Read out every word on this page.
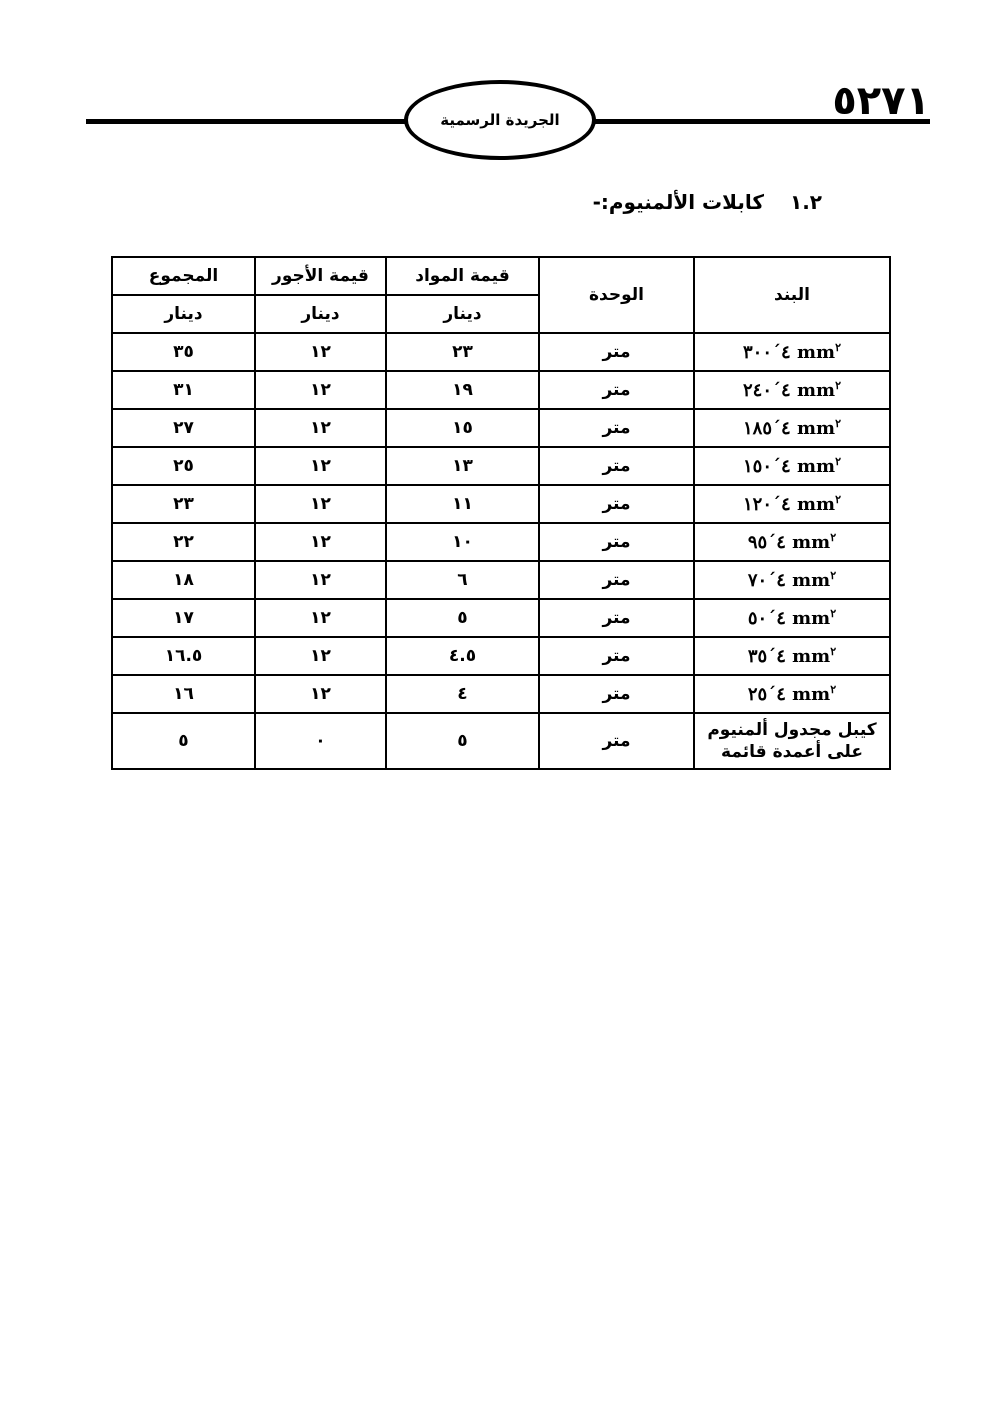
الجريدة الرسمية	٥٢٧١
١.٢كابلات الألمنيوم:-
البند	الوحدة	قيمة المواد	قيمة الأجور	المجموع
		دينار	دينار	دينار
٤´٣٠٠ $mm^٢$	متر	٢٣	١٢	٣٥
٤´٢٤٠ $mm^٢$	متر	١٩	١٢	٣١
٤´١٨٥ $mm^٢$	متر	١٥	١٢	٢٧
٤´١٥٠ $mm^٢$	متر	١٣	١٢	٢٥
٤´١٢٠ $mm^٢$	متر	١١	١٢	٢٣
٤´٩٥ $mm^٢$	متر	١٠	١٢	٢٢
٤´٧٠ $mm^٢$	متر	٦	١٢	١٨
٤´٥٠ $mm^٢$	متر	٥	١٢	١٧
٤´٣٥ $mm^٢$	متر	٤.٥	١٢	١٦.٥
٤´٢٥ $mm^٢$	متر	٤	١٢	١٦

كيبل مجدول ألمنيوم
على أعمدة قائمة	متر	٥	٠	٥
